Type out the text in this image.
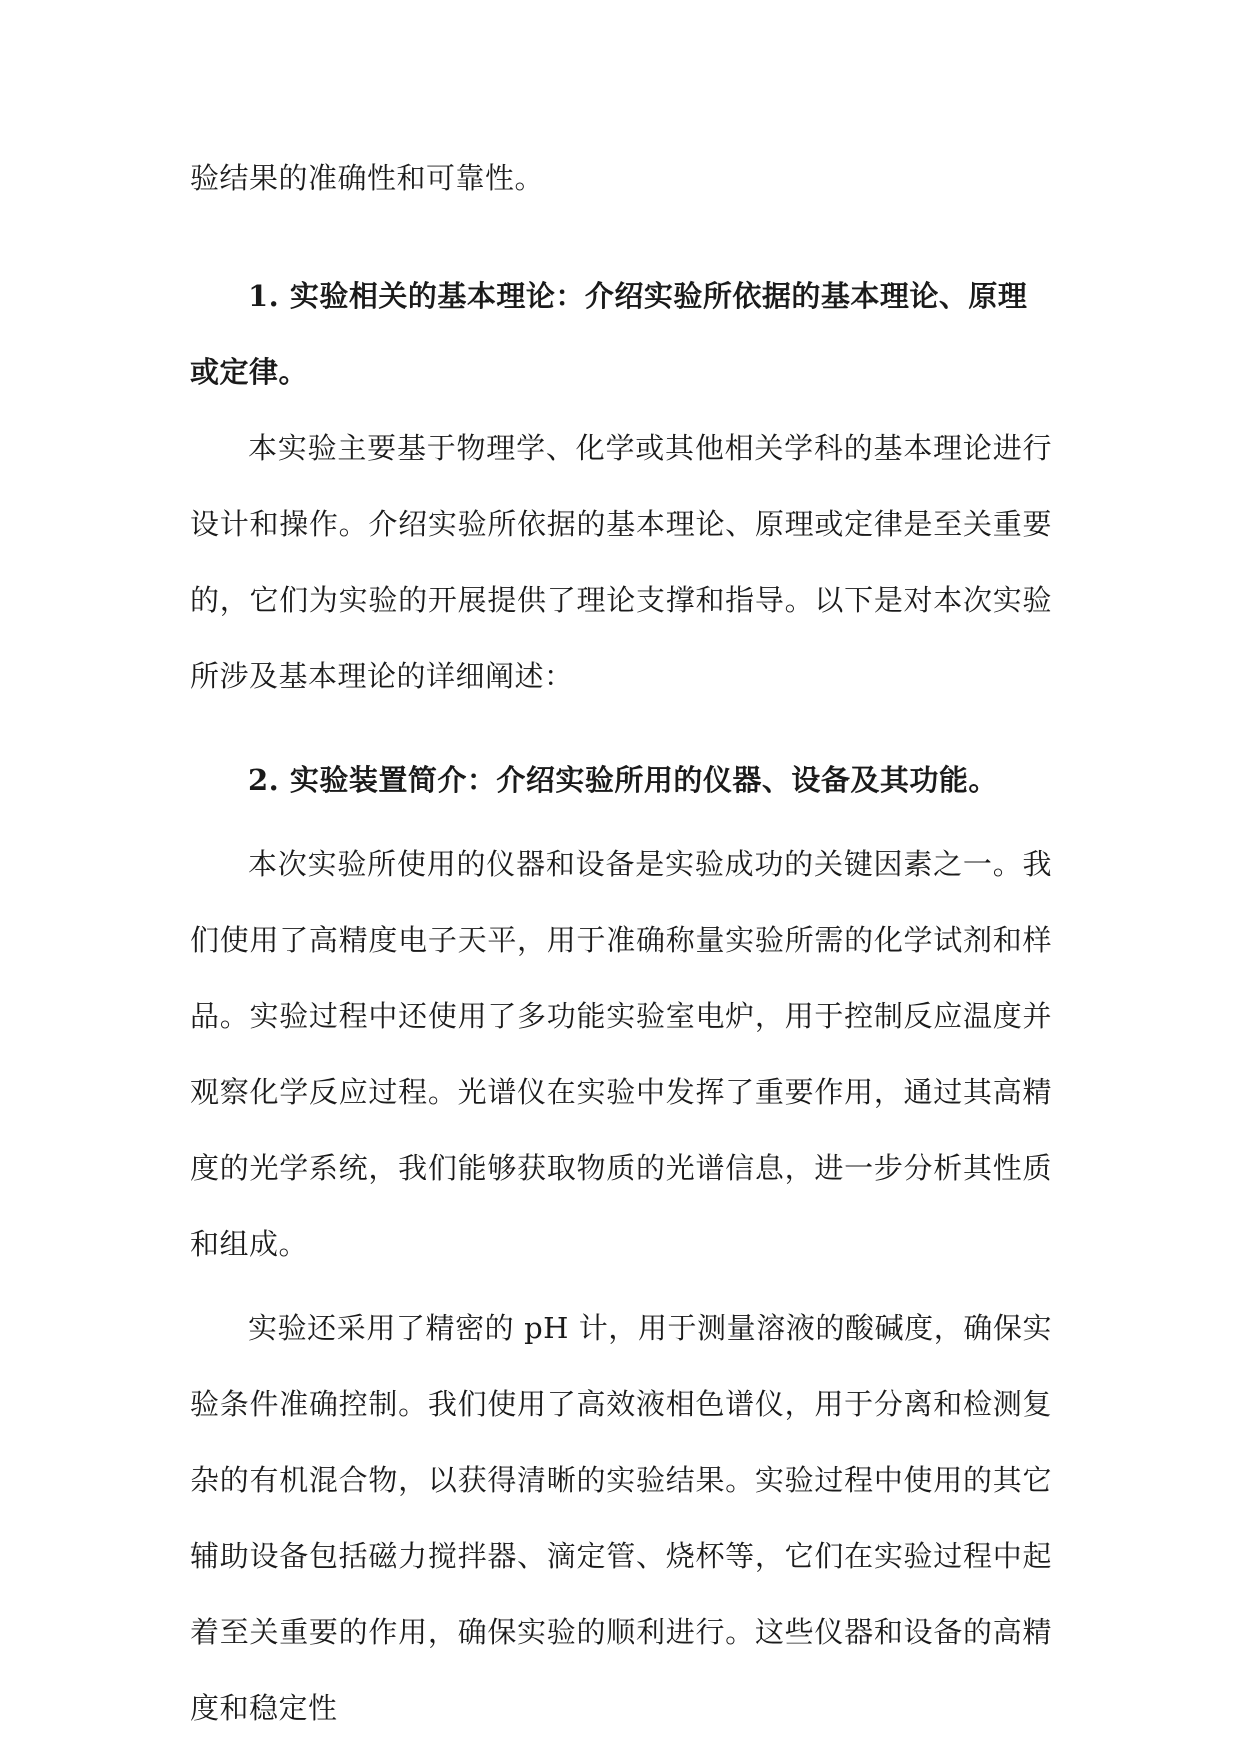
验结果的准确性和可靠性。

1. 实验相关的基本理论：介绍实验所依据的基本理论、原理或定律。

本实验主要基于物理学、化学或其他相关学科的基本理论进行设计和操作。介绍实验所依据的基本理论、原理或定律是至关重要的，它们为实验的开展提供了理论支撑和指导。以下是对本次实验所涉及基本理论的详细阐述：

2. 实验装置简介：介绍实验所用的仪器、设备及其功能。

本次实验所使用的仪器和设备是实验成功的关键因素之一。我们使用了高精度电子天平，用于准确称量实验所需的化学试剂和样品。实验过程中还使用了多功能实验室电炉，用于控制反应温度并观察化学反应过程。光谱仪在实验中发挥了重要作用，通过其高精度的光学系统，我们能够获取物质的光谱信息，进一步分析其性质和组成。

实验还采用了精密的 pH 计，用于测量溶液的酸碱度，确保实验条件准确控制。我们使用了高效液相色谱仪，用于分离和检测复杂的有机混合物，以获得清晰的实验结果。实验过程中使用的其它辅助设备包括磁力搅拌器、滴定管、烧杯等，它们在实验过程中起着至关重要的作用，确保实验的顺利进行。这些仪器和设备的高精度和稳定性
